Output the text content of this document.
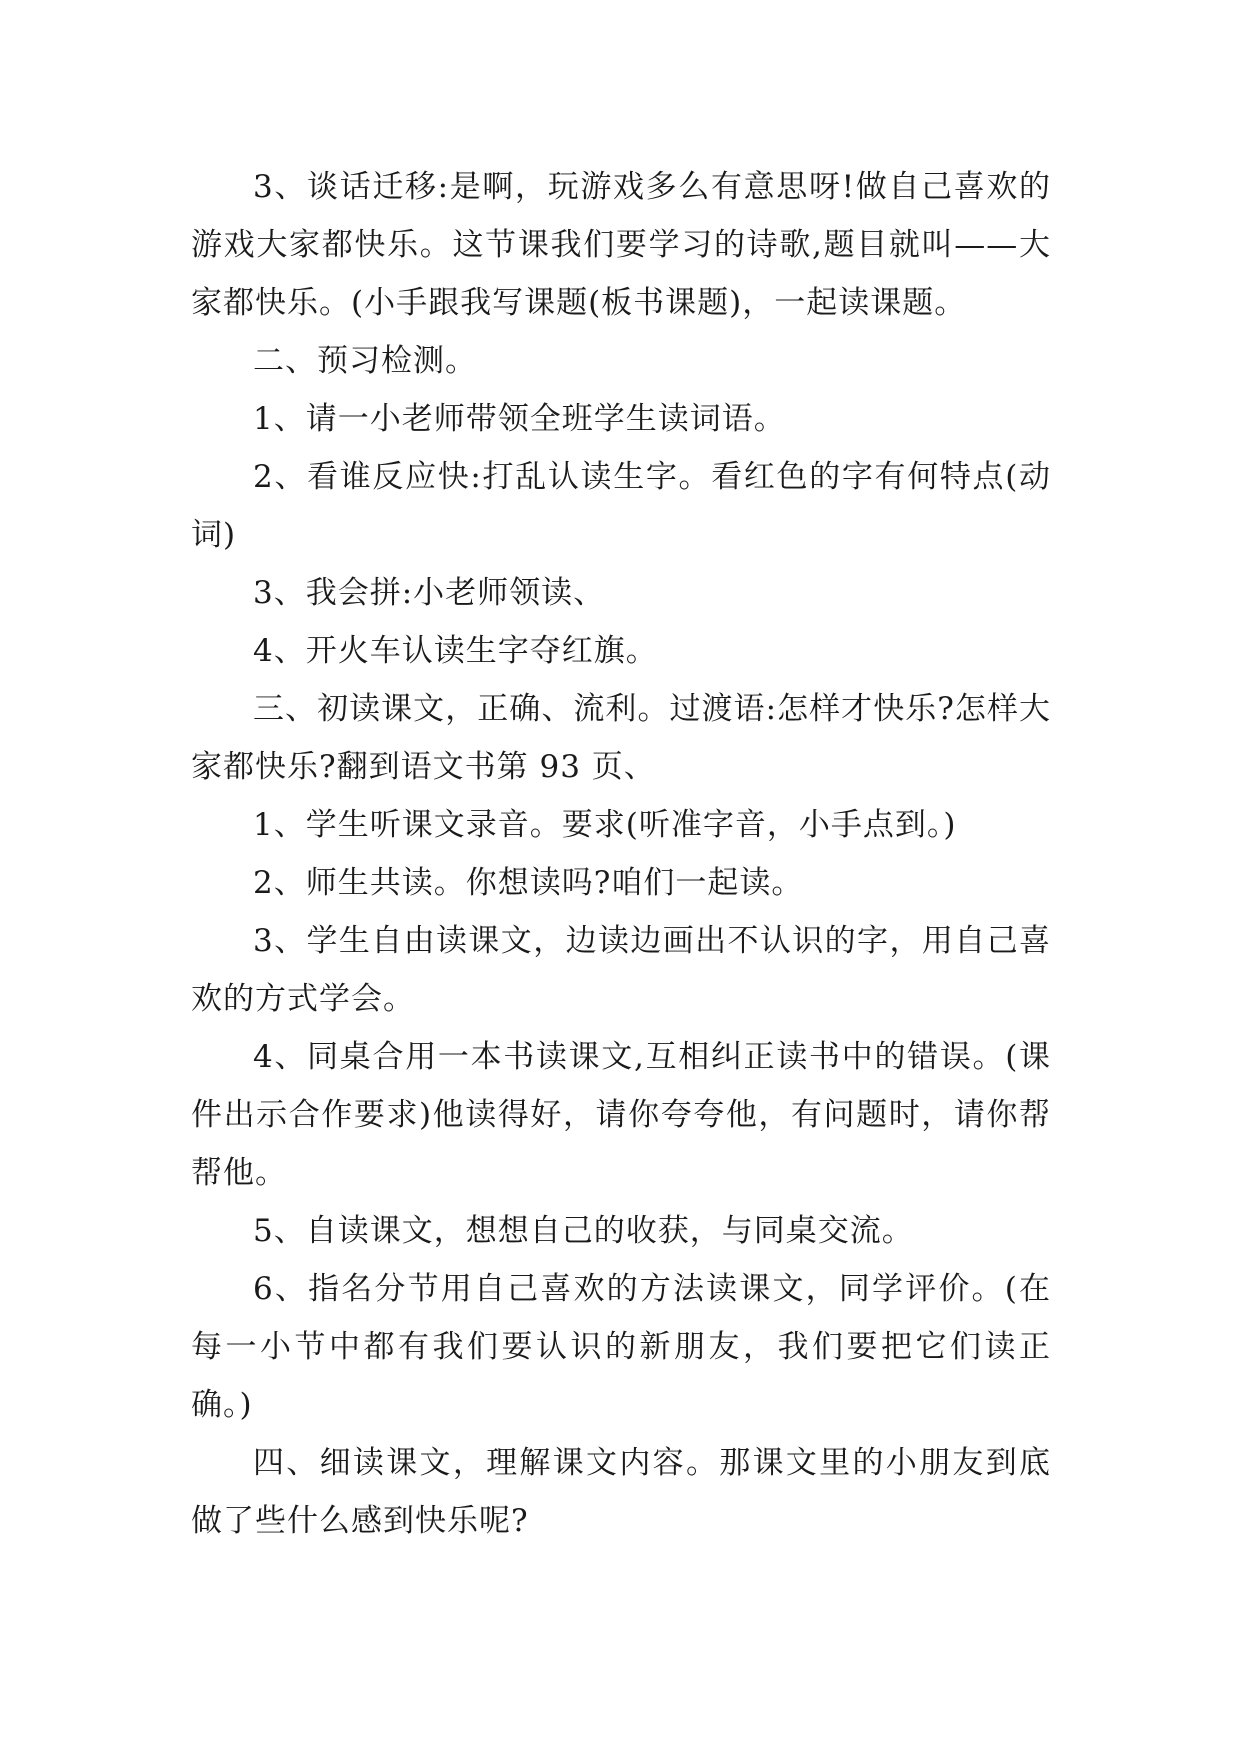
3、谈话迁移:是啊，玩游戏多么有意思呀!做自己喜欢的游戏大家都快乐。这节课我们要学习的诗歌,题目就叫——大家都快乐。(小手跟我写课题(板书课题)，一起读课题。

二、预习检测。

1、请一小老师带领全班学生读词语。

2、看谁反应快:打乱认读生字。看红色的字有何特点(动词)

3、我会拼:小老师领读、

4、开火车认读生字夺红旗。

三、初读课文，正确、流利。过渡语:怎样才快乐?怎样大家都快乐?翻到语文书第 93 页、

1、学生听课文录音。要求(听准字音，小手点到。)

2、师生共读。你想读吗?咱们一起读。

3、学生自由读课文，边读边画出不认识的字，用自己喜欢的方式学会。

4、同桌合用一本书读课文,互相纠正读书中的错误。(课件出示合作要求)他读得好，请你夸夸他，有问题时，请你帮帮他。

5、自读课文，想想自己的收获，与同桌交流。

6、指名分节用自己喜欢的方法读课文，同学评价。(在每一小节中都有我们要认识的新朋友，我们要把它们读正确。)

四、细读课文，理解课文内容。那课文里的小朋友到底做了些什么感到快乐呢?
